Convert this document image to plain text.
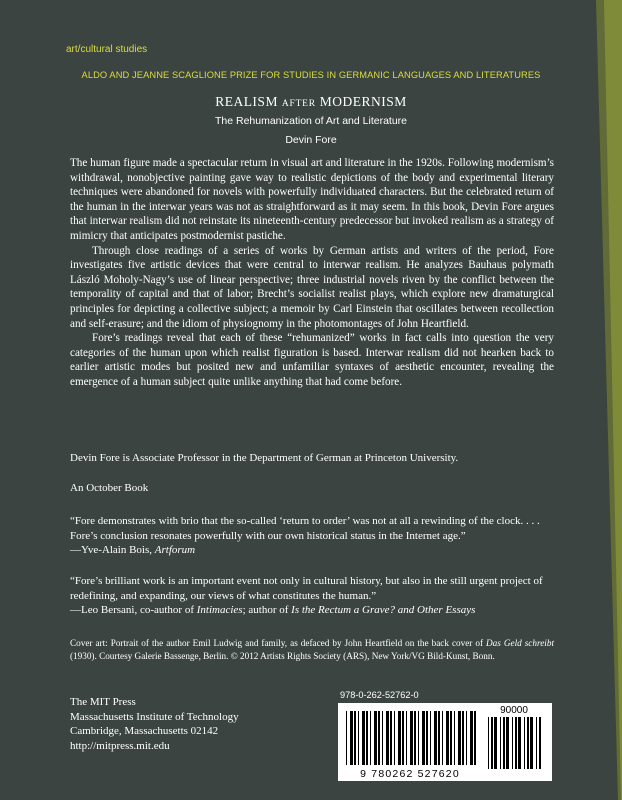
art/cultural studies
ALDO AND JEANNE SCAGLIONE PRIZE FOR STUDIES IN GERMANIC LANGUAGES AND LITERATURES
REALISM AFTER MODERNISM
The Rehumanization of Art and Literature
Devin Fore

The human figure made a spectacular return in visual art and literature in the 1920s. Following modernism’s withdrawal, nonobjective painting gave way to realistic depictions of the body and experimental literary techniques were abandoned for novels with powerfully individuated characters. But the celebrated return of the human in the interwar years was not as straightforward as it may seem. In this book, Devin Fore argues that interwar realism did not reinstate its nineteenth-century predecessor but invoked realism as a strategy of mimicry that anticipates postmodernist pastiche.

Through close readings of a series of works by German artists and writers of the period, Fore investigates five artistic devices that were central to interwar realism. He analyzes Bauhaus polymath László Moholy-Nagy’s use of linear perspective; three industrial novels riven by the conflict between the temporality of capital and that of labor; Brecht’s socialist realist plays, which explore new dramaturgical principles for depicting a collective subject; a memoir by Carl Einstein that oscillates between recollection and self-erasure; and the idiom of physiognomy in the photomontages of John Heartfield.

Fore’s readings reveal that each of these “rehumanized” works in fact calls into question the very categories of the human upon which realist figuration is based. Interwar realism did not hearken back to earlier artistic modes but posited new and unfamiliar syntaxes of aesthetic encounter, revealing the emergence of a human subject quite unlike anything that had come before.

Devin Fore is Associate Professor in the Department of German at Princeton University.
An October Book

“Fore demonstrates with brio that the so-called ‘return to order’ was not at all a rewinding of the clock. . . . Fore’s conclusion resonates powerfully with our own historical status in the Internet age.”

—Yve-Alain Bois, Artforum

“Fore’s brilliant work is an important event not only in cultural history, but also in the still urgent project of redefining, and expanding, our views of what constitutes the human.”

—Leo Bersani, co-author of Intimacies; author of Is the Rectum a Grave? and Other Essays

Cover art: Portrait of the author Emil Ludwig and family, as defaced by John Heartfield on the back cover of Das Geld schreibt (1930). Courtesy Galerie Bassenge, Berlin. © 2012 Artists Rights Society (ARS), New York/VG Bild-Kunst, Bonn.
The MIT Press
Massachusetts Institute of Technology
Cambridge, Massachusetts 02142
http://mitpress.mit.edu
978-0-262-52762-0
90000
9 780262 527620
